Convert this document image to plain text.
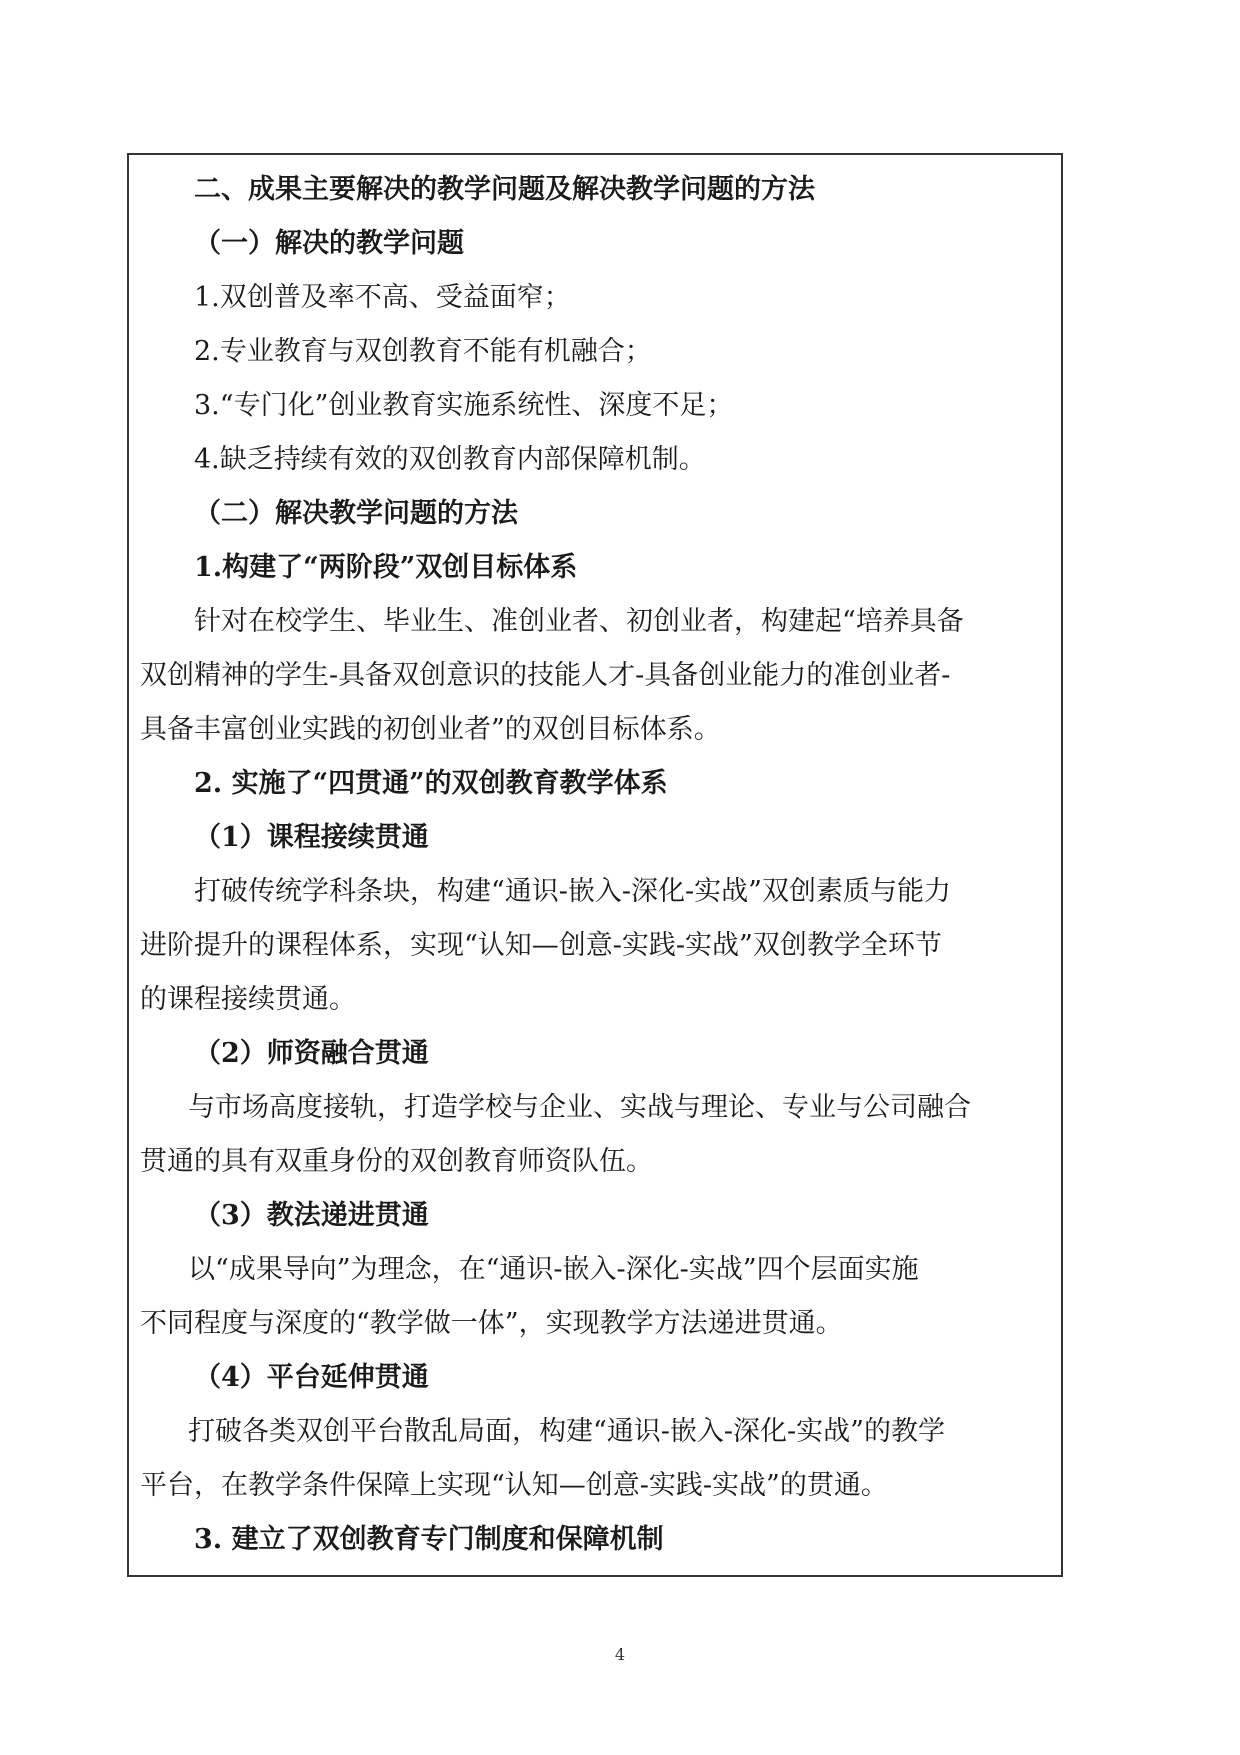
二、成果主要解决的教学问题及解决教学问题的方法
（一）解决的教学问题
1.双创普及率不高、受益面窄；
2.专业教育与双创教育不能有机融合；
3.“专门化”创业教育实施系统性、深度不足；
4.缺乏持续有效的双创教育内部保障机制。
（二）解决教学问题的方法
1.构建了“两阶段”双创目标体系
针对在校学生、毕业生、准创业者、初创业者，构建起“培养具备
双创精神的学生-具备双创意识的技能人才-具备创业能力的准创业者-
具备丰富创业实践的初创业者”的双创目标体系。
2. 实施了“四贯通”的双创教育教学体系
（1）课程接续贯通
打破传统学科条块，构建“通识-嵌入-深化-实战”双创素质与能力
进阶提升的课程体系，实现“认知—创意-实践-实战”双创教学全环节
的课程接续贯通。
（2）师资融合贯通
与市场高度接轨，打造学校与企业、实战与理论、专业与公司融合
贯通的具有双重身份的双创教育师资队伍。
（3）教法递进贯通
以“成果导向”为理念，在“通识-嵌入-深化-实战”四个层面实施
不同程度与深度的“教学做一体”，实现教学方法递进贯通。
（4）平台延伸贯通
打破各类双创平台散乱局面，构建“通识-嵌入-深化-实战”的教学
平台，在教学条件保障上实现“认知—创意-实践-实战”的贯通。
3. 建立了双创教育专门制度和保障机制
4
